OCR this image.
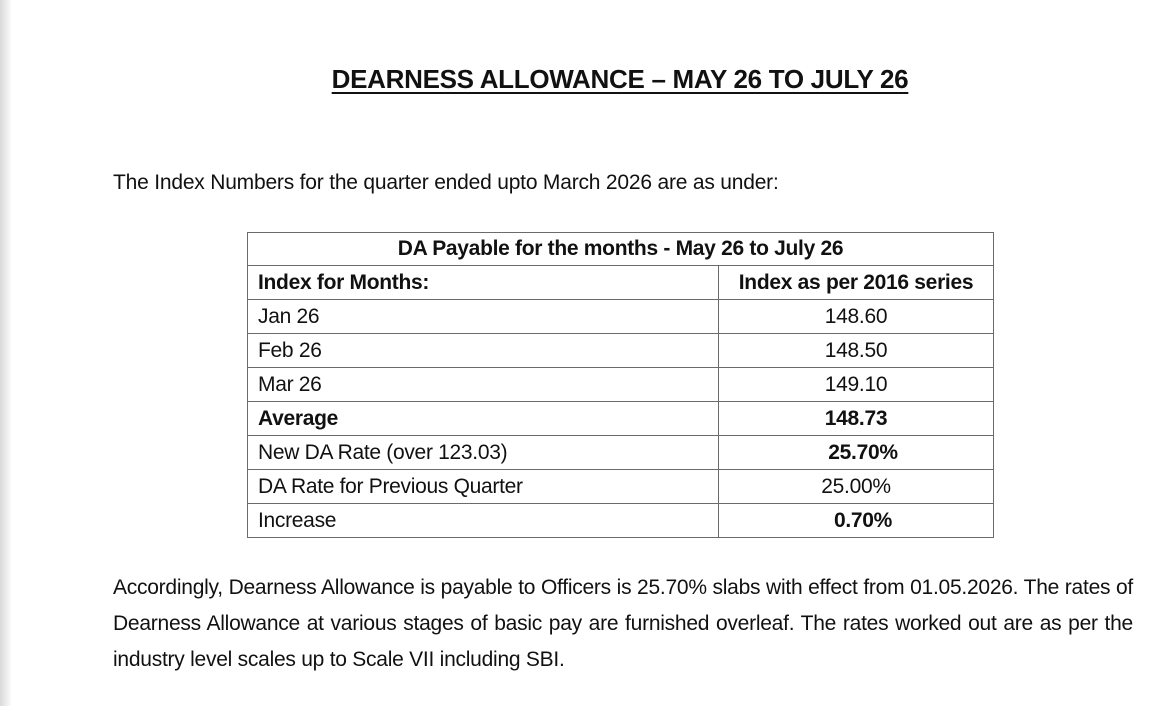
DEARNESS ALLOWANCE – MAY 26 TO JULY 26
The Index Numbers for the quarter ended upto March 2026 are as under:
DA Payable for the months - May 26 to July 26	
Index for Months:	Index as per 2016 series
Jan 26	148.60
Feb 26	148.50
Mar 26	149.10
Average	148.73
New DA Rate (over 123.03)	25.70%
DA Rate for Previous Quarter	25.00%
Increase	0.70%
Accordingly, Dearness Allowance is payable to Officers is 25.70% slabs with effect from 01.05.2026. The rates of Dearness Allowance at various stages of basic pay are furnished overleaf. The rates worked out are as per the industry level scales up to Scale VII including SBI.
